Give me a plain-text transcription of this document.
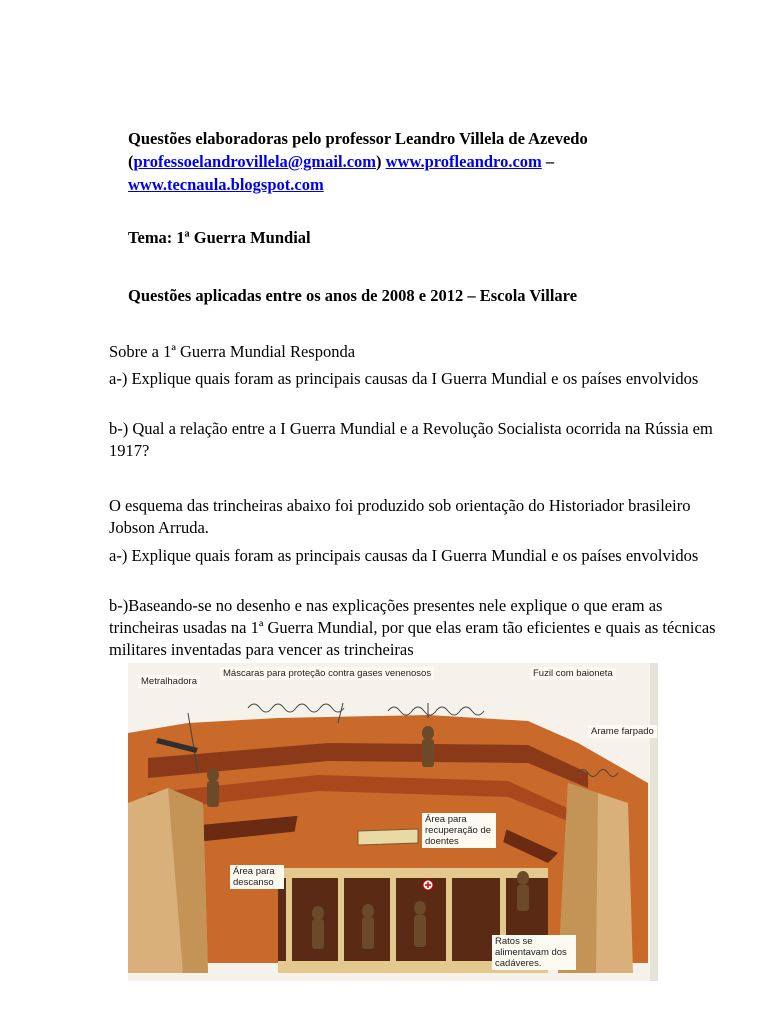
Questões elaboradoras pelo professor Leandro Villela de Azevedo
(professoelandrovillela@gmail.com) www.profleandro.com –
www.tecnaula.blogspot.com
Tema: 1ª Guerra Mundial
Questões aplicadas entre os anos de 2008 e 2012 – Escola Villare
Sobre a 1ª Guerra Mundial Responda
a-) Explique quais foram as principais causas da I Guerra Mundial e os países envolvidos
b-) Qual a relação entre a I Guerra Mundial e a Revolução Socialista ocorrida na Rússia em 1917?
O esquema das trincheiras abaixo foi produzido sob orientação do Historiador brasileiro Jobson Arruda.
a-) Explique quais foram as principais causas da I Guerra Mundial e os países envolvidos
b-)Baseando-se no desenho e nas explicações presentes nele explique o que eram as trincheiras usadas na 1ª Guerra Mundial, por que elas eram tão eficientes e quais as técnicas militares inventadas para vencer as trincheiras
Metralhadora
Máscaras para proteção contra gases venenosos	Fuzil com baioneta
Arame farpado
Área para recuperação de doentes
Área para descanso
Ratos se alimentavam dos cadáveres.
